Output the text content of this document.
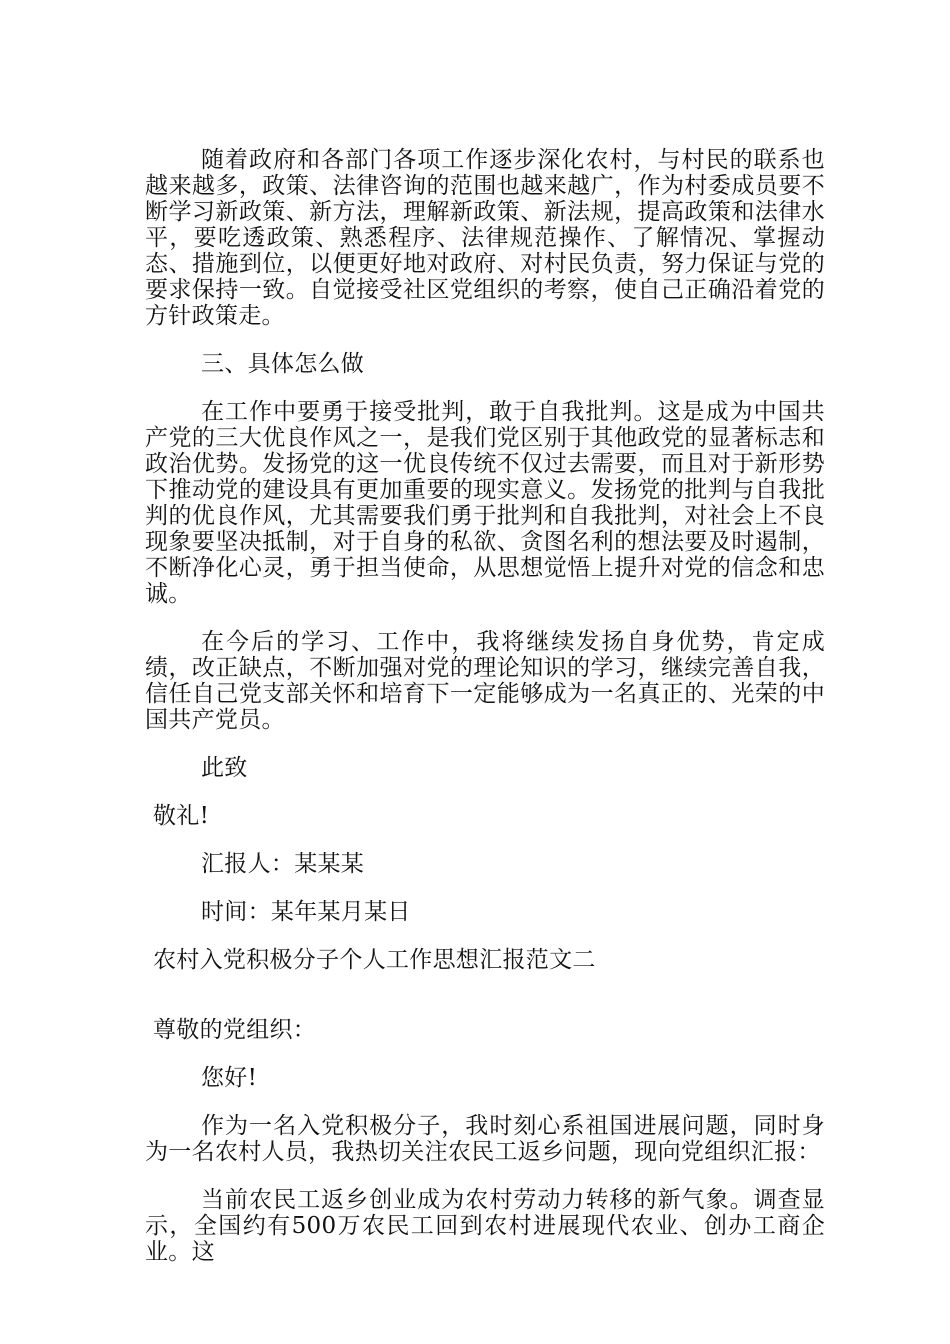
随着政府和各部门各项工作逐步深化农村，与村民的联系也越来越多，政策、法律咨询的范围也越来越广，作为村委成员要不断学习新政策、新方法，理解新政策、新法规，提高政策和法律水平，要吃透政策、熟悉程序、法律规范操作、了解情况、掌握动态、措施到位，以便更好地对政府、对村民负责，努力保证与党的要求保持一致。自觉接受社区党组织的考察，使自己正确沿着党的方针政策走。

三、具体怎么做

在工作中要勇于接受批判，敢于自我批判。这是成为中国共产党的三大优良作风之一，是我们党区别于其他政党的显著标志和政治优势。发扬党的这一优良传统不仅过去需要，而且对于新形势下推动党的建设具有更加重要的现实意义。发扬党的批判与自我批判的优良作风，尤其需要我们勇于批判和自我批判，对社会上不良现象要坚决抵制，对于自身的私欲、贪图名利的想法要及时遏制，不断净化心灵，勇于担当使命，从思想觉悟上提升对党的信念和忠诚。

在今后的学习、工作中，我将继续发扬自身优势，肯定成绩，改正缺点，不断加强对党的理论知识的学习，继续完善自我，信任自己党支部关怀和培育下一定能够成为一名真正的、光荣的中国共产党员。

此致

敬礼!

汇报人：某某某

时间：某年某月某日

农村入党积极分子个人工作思想汇报范文二

尊敬的党组织：

您好!

作为一名入党积极分子，我时刻心系祖国进展问题，同时身为一名农村人员，我热切关注农民工返乡问题，现向党组织汇报：

当前农民工返乡创业成为农村劳动力转移的新气象。调查显示，全国约有500万农民工回到农村进展现代农业、创办工商企业。这
